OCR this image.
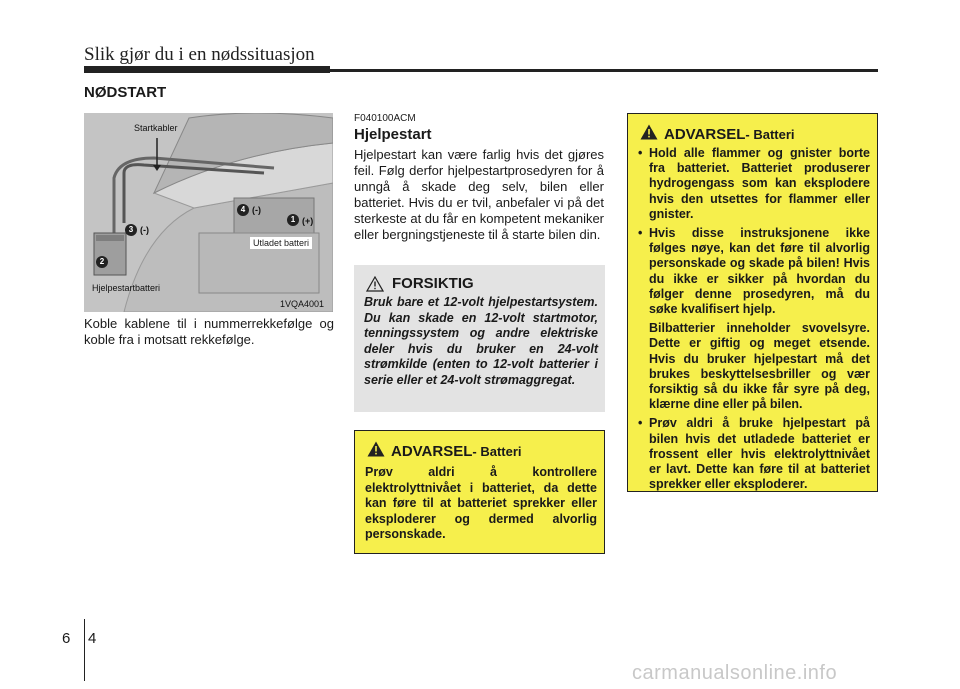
Slik gjør du i en nødssituasjon
NØDSTART
Startkabler
Utladet batteri
Hjelpestartbatteri
1VQA4001
1 (+)
2
3 (-)
4 (-)
Koble kablene til i nummerrekkefølge og koble fra i motsatt rekkefølge.
F040100ACM
Hjelpestart
Hjelpestart kan være farlig hvis det gjøres feil. Følg derfor hjelpestartprosedyren for å unngå å skade deg selv, bilen eller batteriet. Hvis du er tvil, anbefaler vi på det sterkeste at du får en kompetent mekaniker eller bergningstjeneste til å starte bilen din.
FORSIKTIG
Bruk bare et 12-volt hjelpestartsystem. Du kan skade en 12-volt startmotor, tenningssystem og andre elektriske deler hvis du bruker en 24-volt strømkilde (enten to 12-volt batterier i serie eller et 24-volt strømaggregat.
ADVARSEL- Batteri
Prøv aldri å kontrollere elektrolyttnivået i batteriet, da dette kan føre til at batteriet sprekker eller eksploderer og dermed alvorlig personskade.
ADVARSEL- Batteri
• Hold alle flammer og gnister borte fra batteriet. Batteriet produserer hydrogengass som kan eksplodere hvis den utsettes for flammer eller gnister.
• Hvis disse instruksjonene ikke følges nøye, kan det føre til alvorlig personskade og skade på bilen! Hvis du ikke er sikker på hvordan du følger denne prosedyren, må du søke kvalifisert hjelp.
Bilbatterier inneholder svovelsyre. Dette er giftig og meget etsende. Hvis du bruker hjelpestart må det brukes beskyttelsesbriller og vær forsiktig så du ikke får syre på deg, klærne dine eller på bilen.
• Prøv aldri å bruke hjelpestart på bilen hvis det utladede batteriet er frossent eller hvis elektrolyttnivået er lavt. Dette kan føre til at batteriet sprekker eller eksploderer.
6 4
carmanualsonline.info
